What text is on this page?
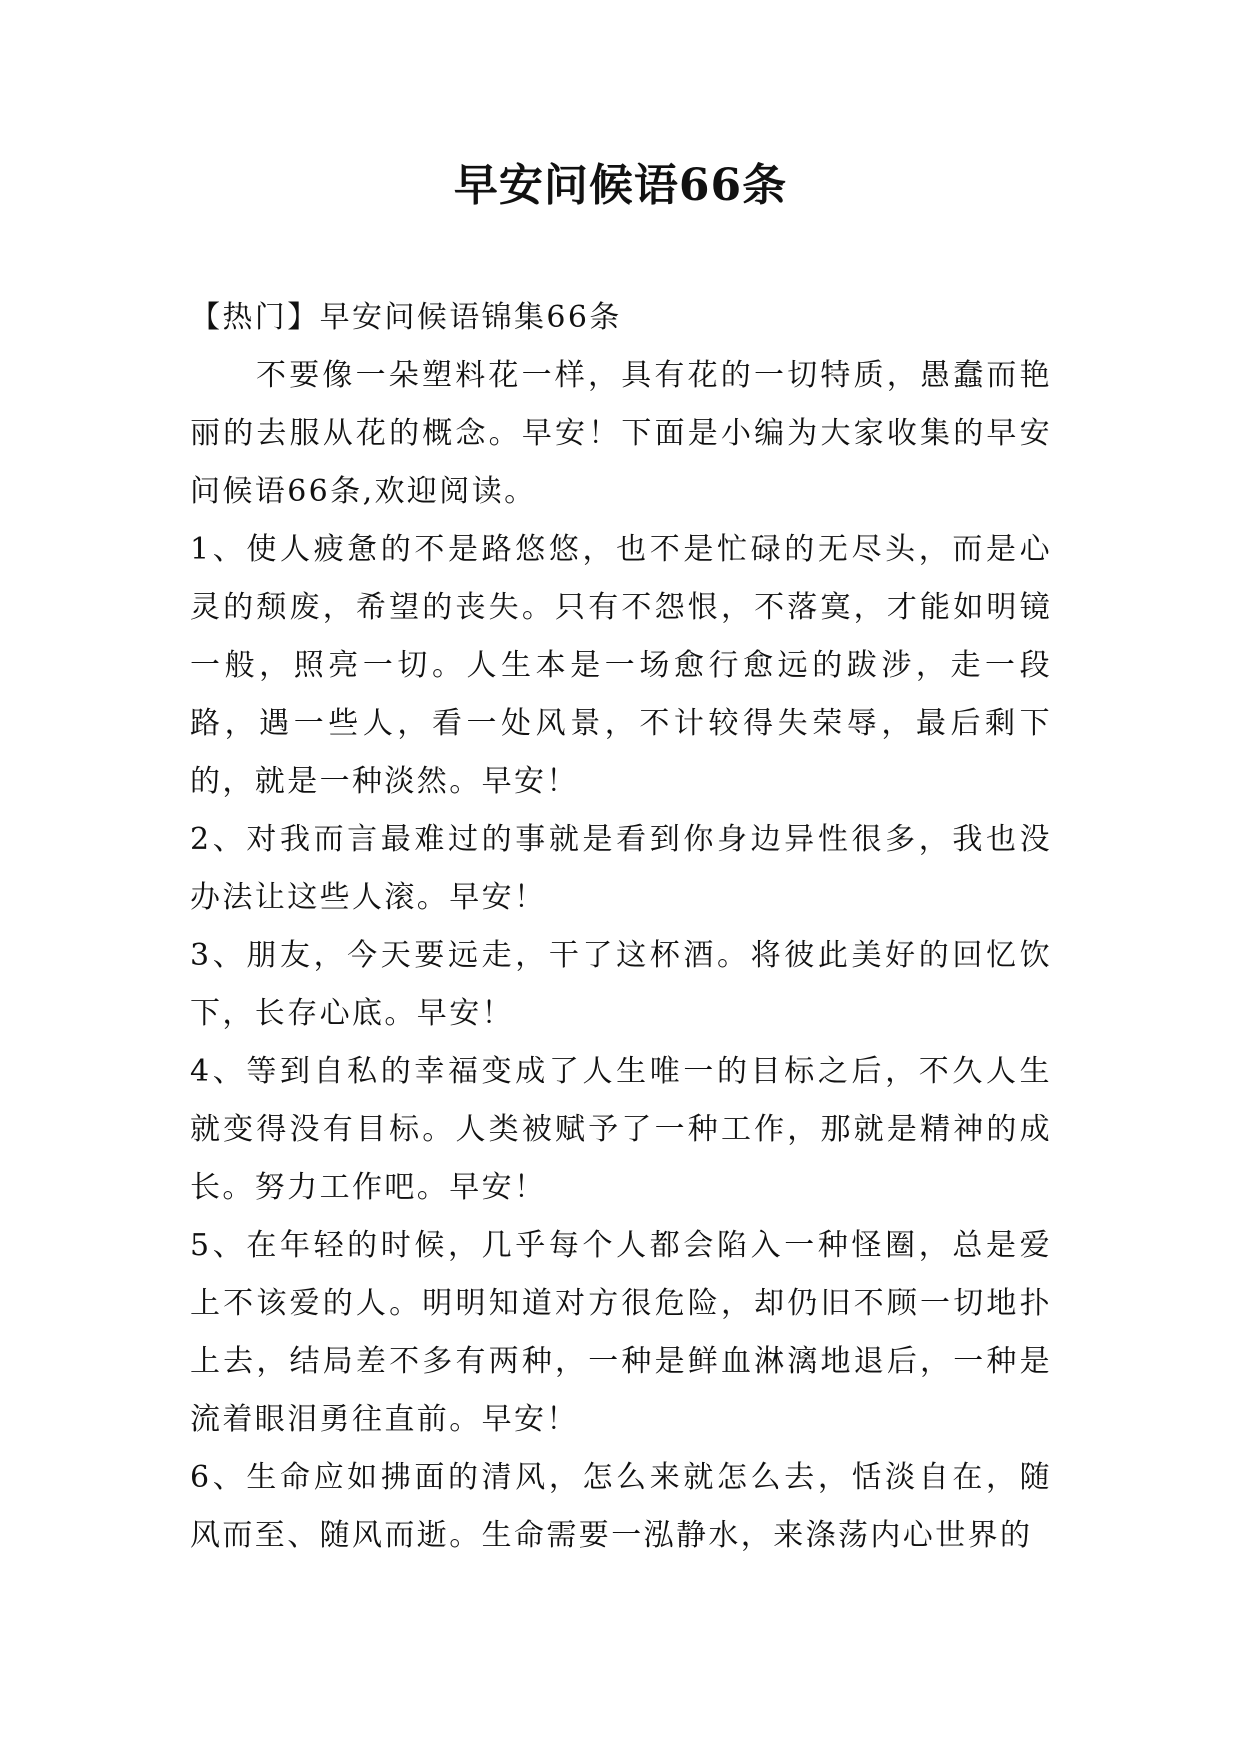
早安问候语66条

【热门】早安问候语锦集66条

不要像一朵塑料花一样，具有花的一切特质，愚蠢而艳丽的去服从花的概念。早安！下面是小编为大家收集的早安问候语66条,欢迎阅读。

1、使人疲惫的不是路悠悠，也不是忙碌的无尽头，而是心灵的颓废，希望的丧失。只有不怨恨，不落寞，才能如明镜一般，照亮一切。人生本是一场愈行愈远的跋涉，走一段路，遇一些人，看一处风景，不计较得失荣辱，最后剩下的，就是一种淡然。早安！

2、对我而言最难过的事就是看到你身边异性很多，我也没办法让这些人滚。早安！

3、朋友，今天要远走，干了这杯酒。将彼此美好的回忆饮下，长存心底。早安！

4、等到自私的幸福变成了人生唯一的目标之后，不久人生就变得没有目标。人类被赋予了一种工作，那就是精神的成长。努力工作吧。早安！

5、在年轻的时候，几乎每个人都会陷入一种怪圈，总是爱上不该爱的人。明明知道对方很危险，却仍旧不顾一切地扑上去，结局差不多有两种，一种是鲜血淋漓地退后，一种是流着眼泪勇往直前。早安！

6、生命应如拂面的清风，怎么来就怎么去，恬淡自在，随风而至、随风而逝。生命需要一泓静水，来涤荡内心世界的
